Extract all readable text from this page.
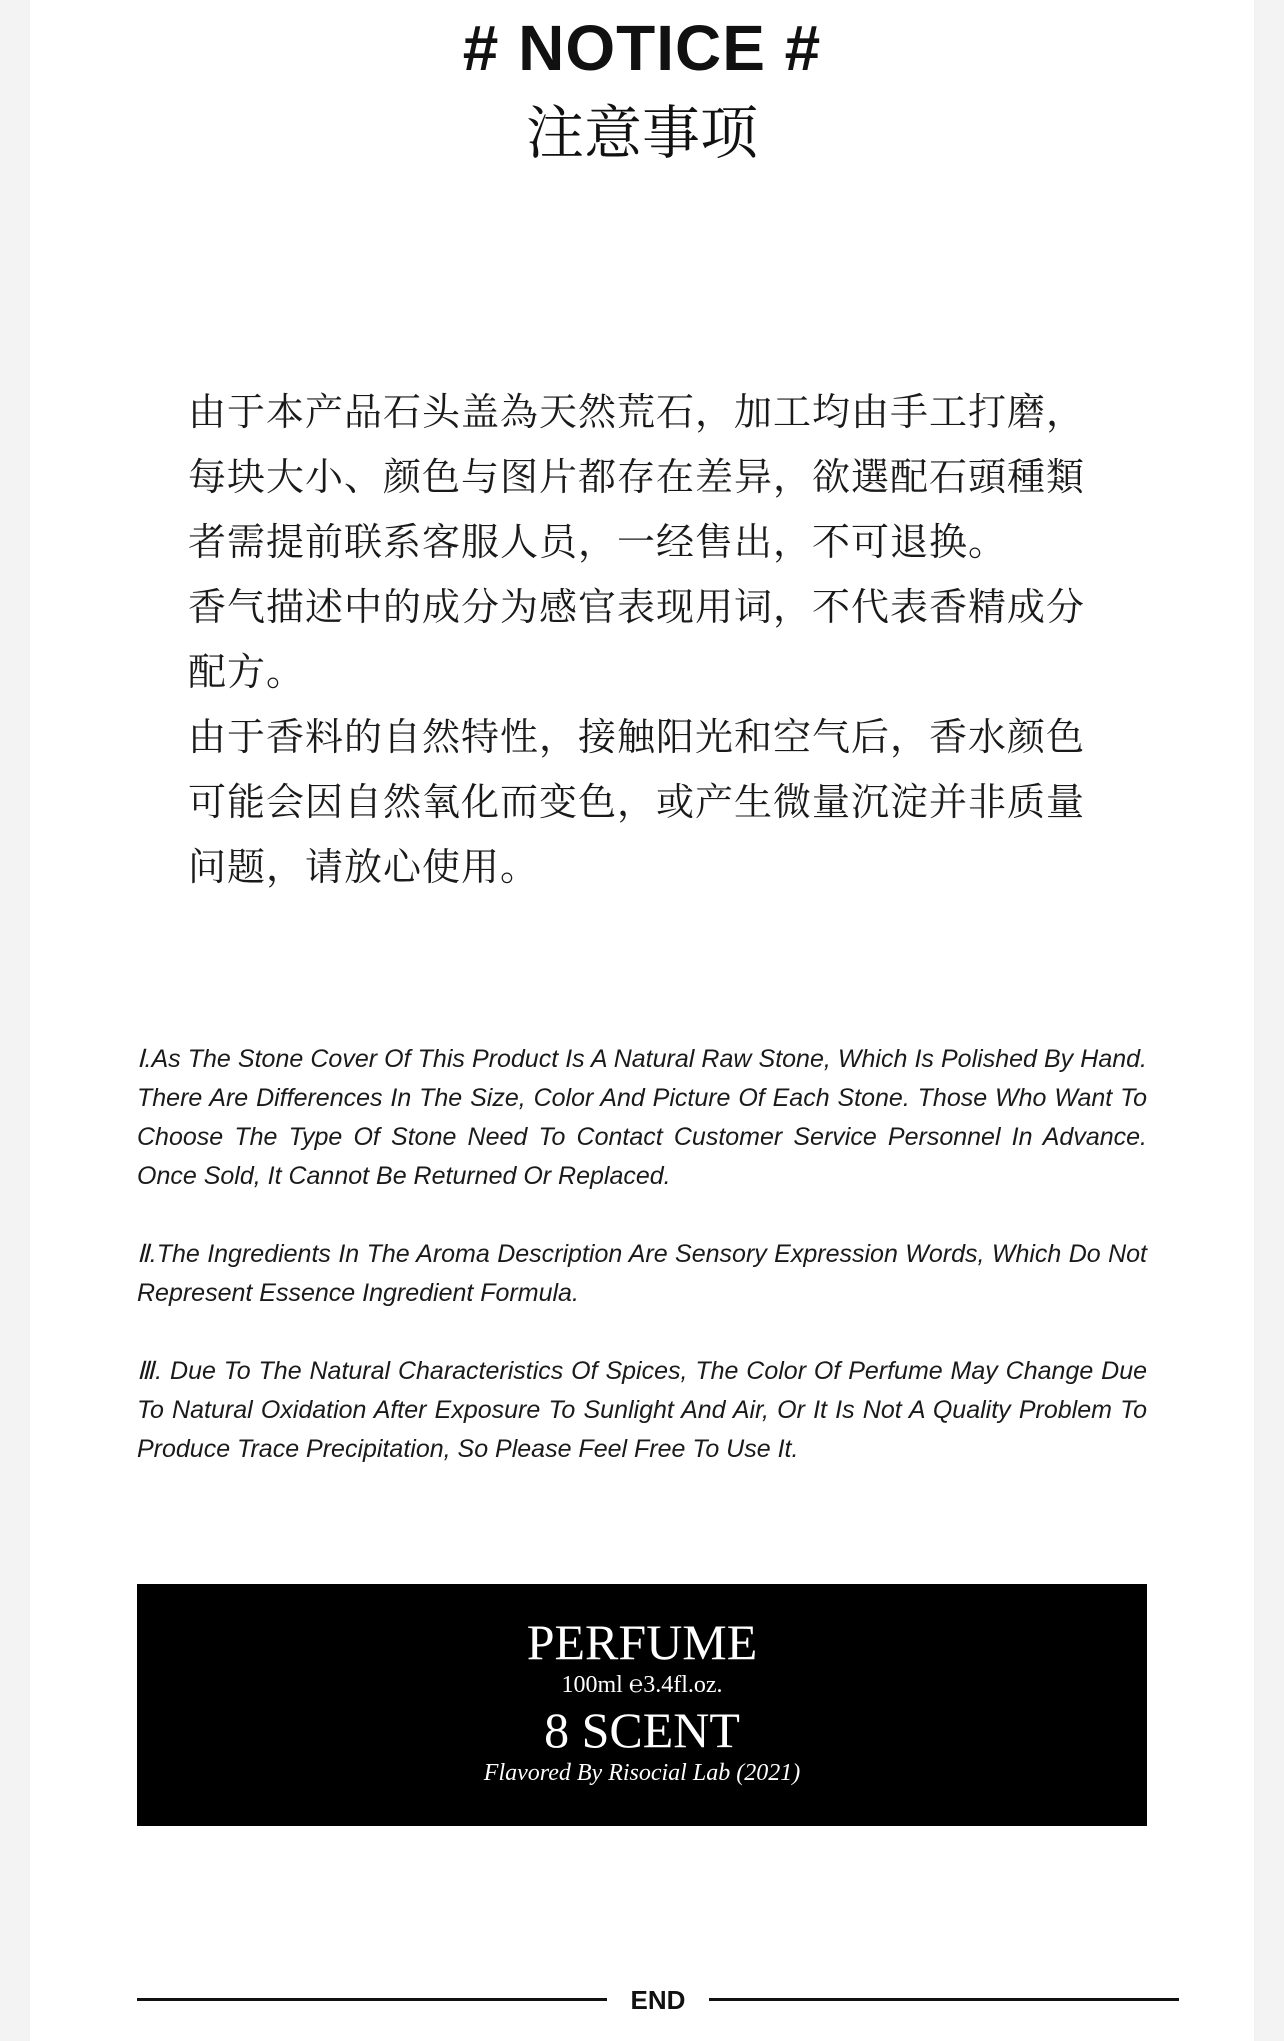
# NOTICE #
注意事项

由于本产品石头盖為天然荒石，加工均由手工打磨，

每块大小、颜色与图片都存在差异，欲選配石頭種類

者需提前联系客服人员，一经售出，不可退换。

香气描述中的成分为感官表现用词，不代表香精成分

配方。

由于香料的自然特性，接触阳光和空气后，香水颜色

可能会因自然氧化而变色，或产生微量沉淀并非质量

问题，请放心使用。

Ⅰ.As The Stone Cover Of This Product Is A Natural Raw Stone, Which Is Polished By Hand. There Are Differences In The Size, Color And Picture Of Each Stone. Those Who Want To Choose The Type Of Stone Need To Contact Customer Service Personnel In Advance. Once Sold, It Cannot Be Returned Or Replaced.

Ⅱ.The Ingredients In The Aroma Description Are Sensory Expression Words, Which Do Not Represent Essence Ingredient Formula.

Ⅲ. Due To The Natural Characteristics Of Spices, The Color Of Perfume May Change Due To Natural Oxidation After Exposure To Sunlight And Air, Or It Is Not A Quality Problem To Produce Trace Precipitation, So Please Feel Free To Use It.

PERFUME
100ml ℮3.4fl.oz.
8 SCENT
Flavored By Risocial Lab (2021)
END
